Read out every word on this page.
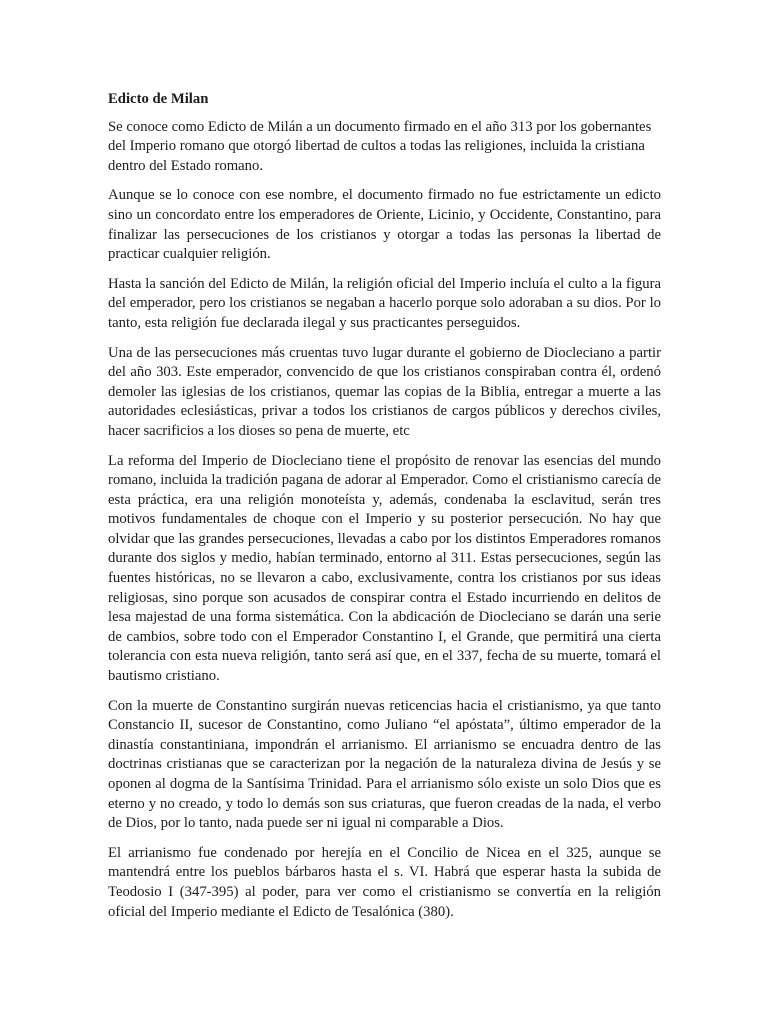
Edicto de Milan

Se conoce como Edicto de Milán a un documento firmado en el año 313 por los gobernantes del Imperio romano que otorgó libertad de cultos a todas las religiones, incluida la cristiana dentro del Estado romano.

Aunque se lo conoce con ese nombre, el documento firmado no fue estrictamente un edicto sino un concordato entre los emperadores de Oriente, Licinio, y Occidente, Constantino, para finalizar las persecuciones de los cristianos y otorgar a todas las personas la libertad de practicar cualquier religión.

Hasta la sanción del Edicto de Milán, la religión oficial del Imperio incluía el culto a la figura del emperador, pero los cristianos se negaban a hacerlo porque solo adoraban a su dios. Por lo tanto, esta religión fue declarada ilegal y sus practicantes perseguidos.

Una de las persecuciones más cruentas tuvo lugar durante el gobierno de Diocleciano a partir del año 303. Este emperador, convencido de que los cristianos conspiraban contra él, ordenó demoler las iglesias de los cristianos, quemar las copias de la Biblia, entregar a muerte a las autoridades eclesiásticas, privar a todos los cristianos de cargos públicos y derechos civiles, hacer sacrificios a los dioses so pena de muerte, etc

La reforma del Imperio de Diocleciano tiene el propósito de renovar las esencias del mundo romano, incluida la tradición pagana de adorar al Emperador. Como el cristianismo carecía de esta práctica, era una religión monoteísta y, además, condenaba la esclavitud, serán tres motivos fundamentales de choque con el Imperio y su posterior persecución. No hay que olvidar que las grandes persecuciones, llevadas a cabo por los distintos Emperadores romanos durante dos siglos y medio, habían terminado, entorno al 311. Estas persecuciones, según las fuentes históricas, no se llevaron a cabo, exclusivamente, contra los cristianos por sus ideas religiosas, sino porque son acusados de conspirar contra el Estado incurriendo en delitos de lesa majestad de una forma sistemática. Con la abdicación de Diocleciano se darán una serie de cambios, sobre todo con el Emperador Constantino I, el Grande, que permitirá una cierta tolerancia con esta nueva religión, tanto será así que, en el 337, fecha de su muerte, tomará el bautismo cristiano.

Con la muerte de Constantino surgirán nuevas reticencias hacia el cristianismo, ya que tanto Constancio II, sucesor de Constantino, como Juliano “el apóstata”, último emperador de la dinastía constantiniana, impondrán el arrianismo. El arrianismo se encuadra dentro de las doctrinas cristianas que se caracterizan por la negación de la naturaleza divina de Jesús y se oponen al dogma de la Santísima Trinidad. Para el arrianismo sólo existe un solo Dios que es eterno y no creado, y todo lo demás son sus criaturas, que fueron creadas de la nada, el verbo de Dios, por lo tanto, nada puede ser ni igual ni comparable a Dios.

El arrianismo fue condenado por herejía en el Concilio de Nicea en el 325, aunque se mantendrá entre los pueblos bárbaros hasta el s. VI. Habrá que esperar hasta la subida de Teodosio I (347-395) al poder, para ver como el cristianismo se convertía en la religión oficial del Imperio mediante el Edicto de Tesalónica (380).
